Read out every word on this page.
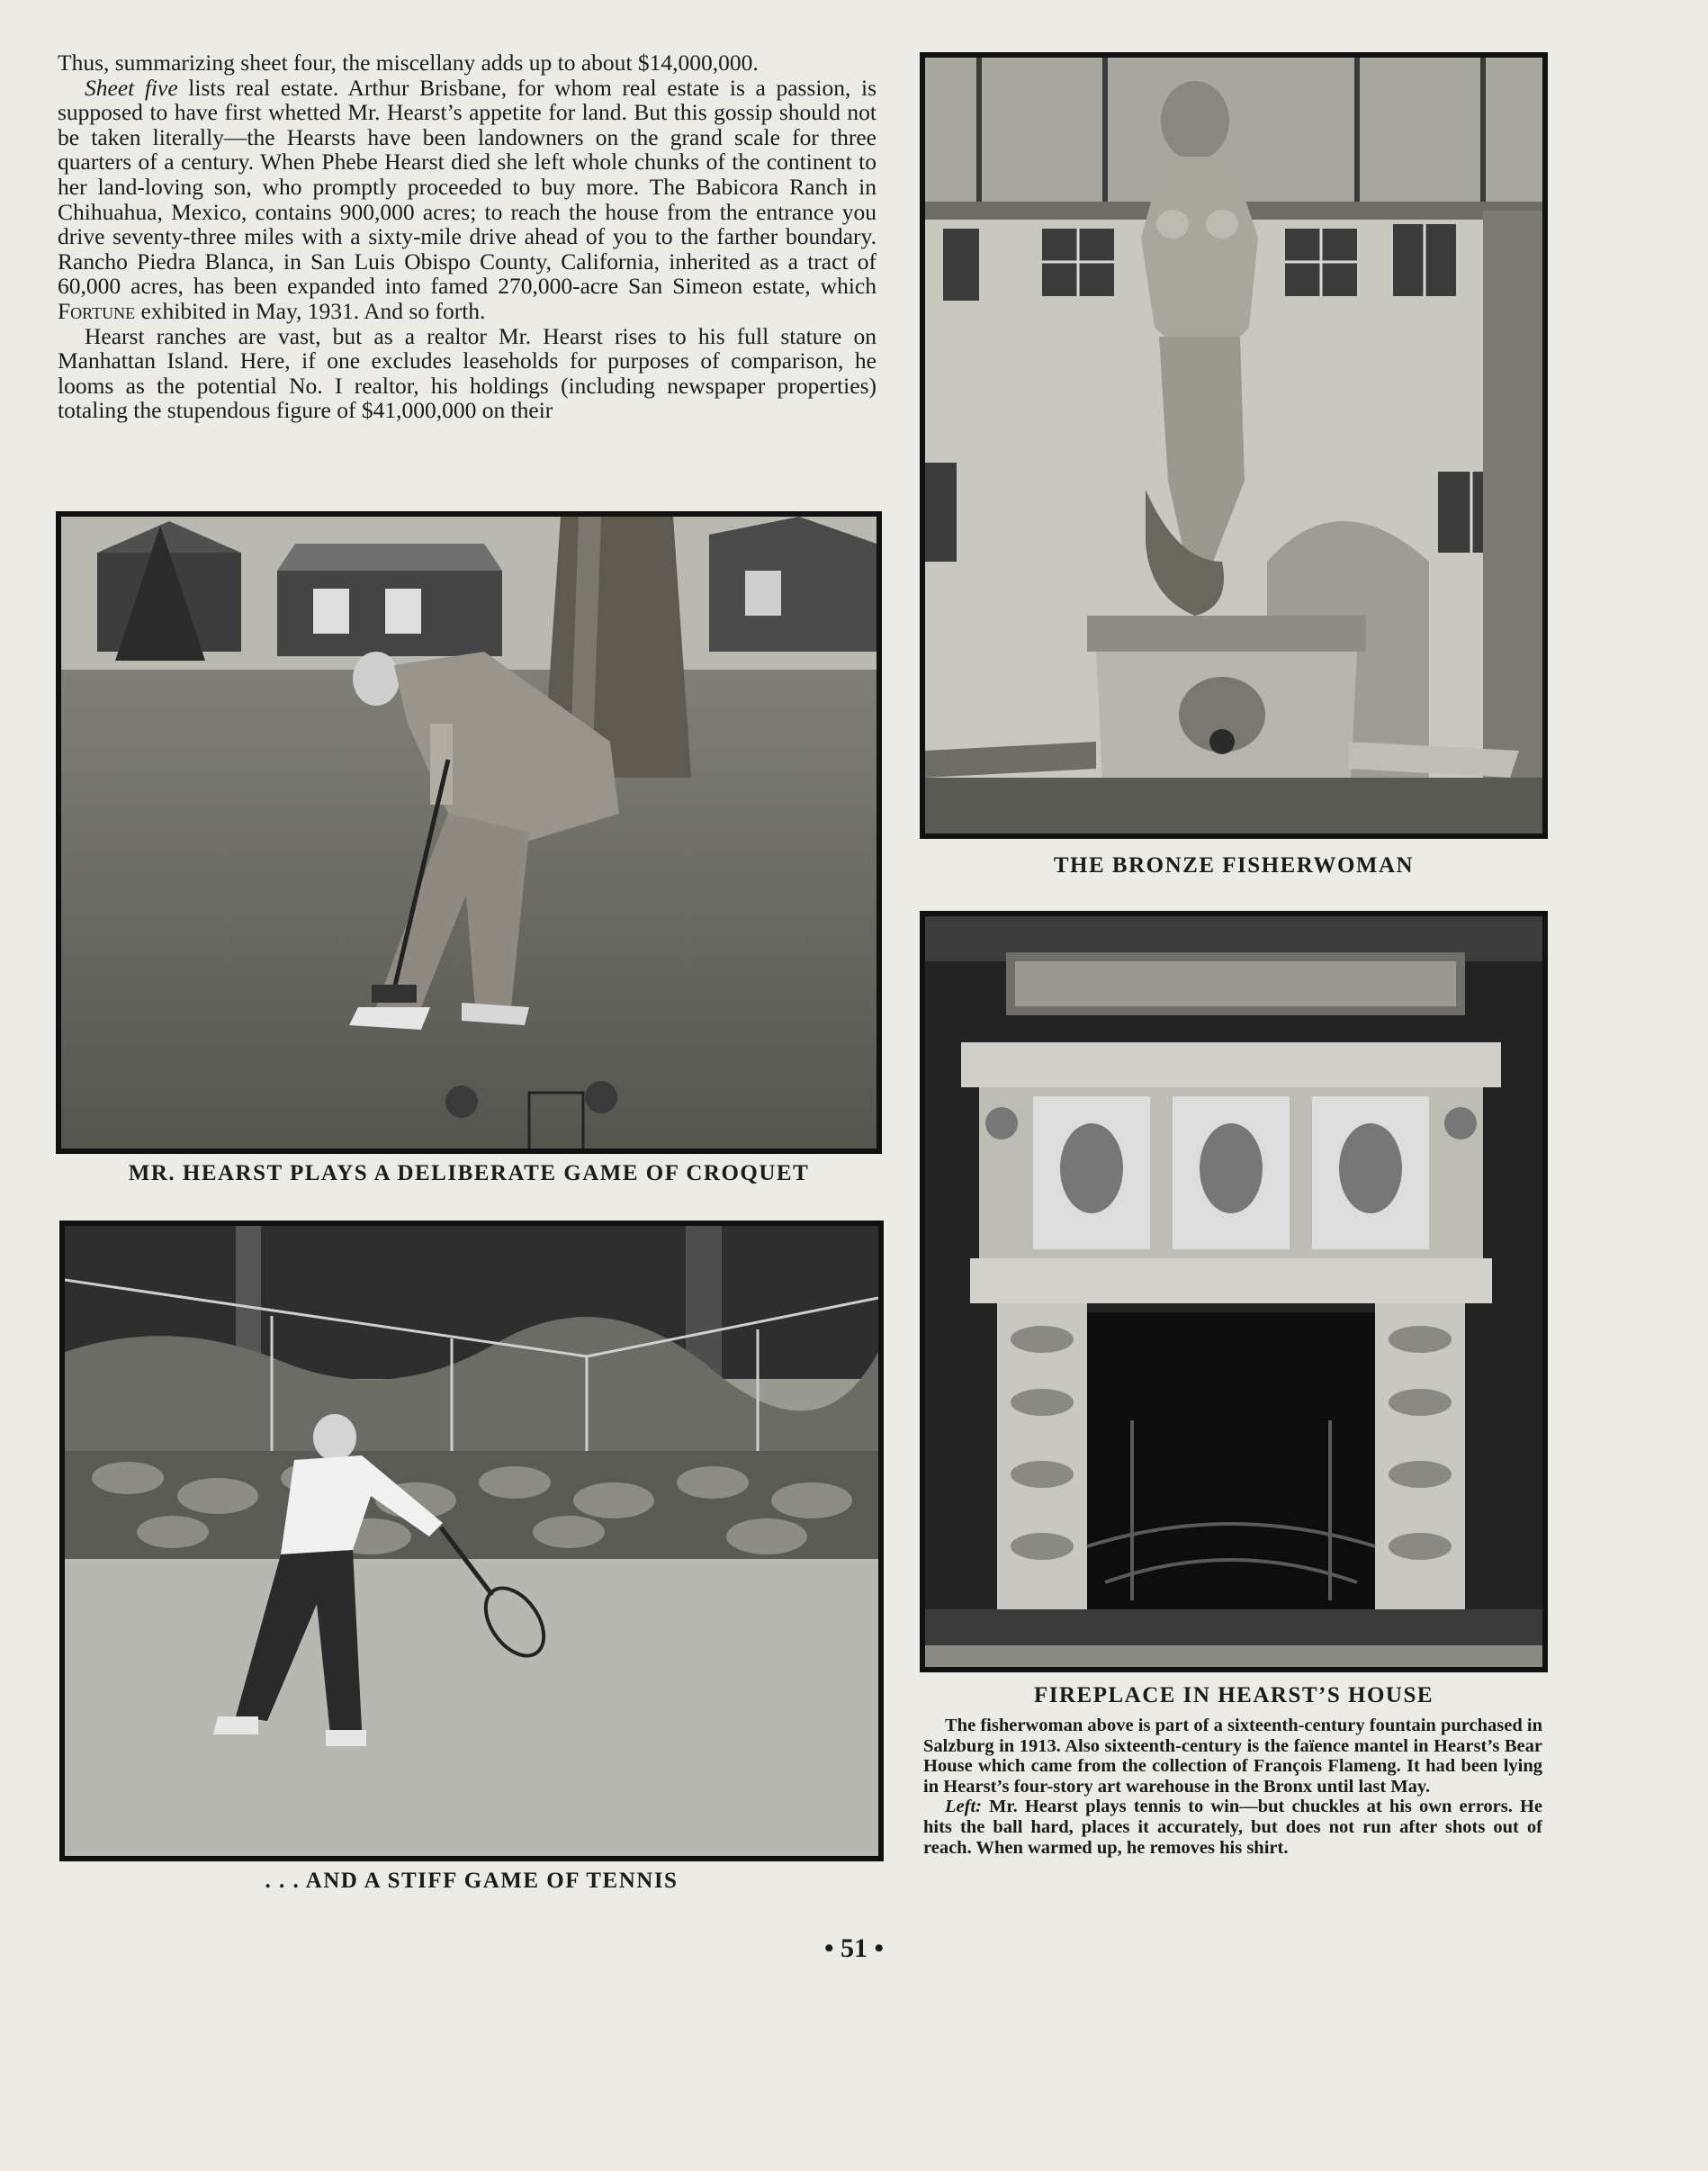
Thus, summarizing sheet four, the miscellany adds up to about $14,000,000.

Sheet five lists real estate. Arthur Brisbane, for whom real estate is a passion, is supposed to have first whetted Mr. Hearst’s appetite for land. But this gossip should not be taken literally—the Hearsts have been landowners on the grand scale for three quarters of a century. When Phebe Hearst died she left whole chunks of the continent to her land-loving son, who promptly proceeded to buy more. The Babicora Ranch in Chihuahua, Mexico, contains 900,000 acres; to reach the house from the entrance you drive seventy-three miles with a sixty-mile drive ahead of you to the farther boundary. Rancho Piedra Blanca, in San Luis Obispo County, California, inherited as a tract of 60,000 acres, has been expanded into famed 270,000-acre San Simeon estate, which Fortune exhibited in May, 1931. And so forth.

Hearst ranches are vast, but as a realtor Mr. Hearst rises to his full stature on Manhattan Island. Here, if one excludes leaseholds for purposes of comparison, he looms as the potential No. I realtor, his holdings (including newspaper properties) totaling the stupendous figure of $41,000,000 on their

MR. HEARST PLAYS A DELIBERATE GAME OF CROQUET
. . . AND A STIFF GAME OF TENNIS
THE BRONZE FISHERWOMAN
FIREPLACE IN HEARST’S HOUSE

The fisherwoman above is part of a sixteenth-century fountain purchased in Salzburg in 1913. Also sixteenth-century is the faïence mantel in Hearst’s Bear House which came from the collection of François Flameng. It had been lying in Hearst’s four-story art warehouse in the Bronx until last May.

Left: Mr. Hearst plays tennis to win—but chuckles at his own errors. He hits the ball hard, places it accurately, but does not run after shots out of reach. When warmed up, he removes his shirt.

• 51 •
